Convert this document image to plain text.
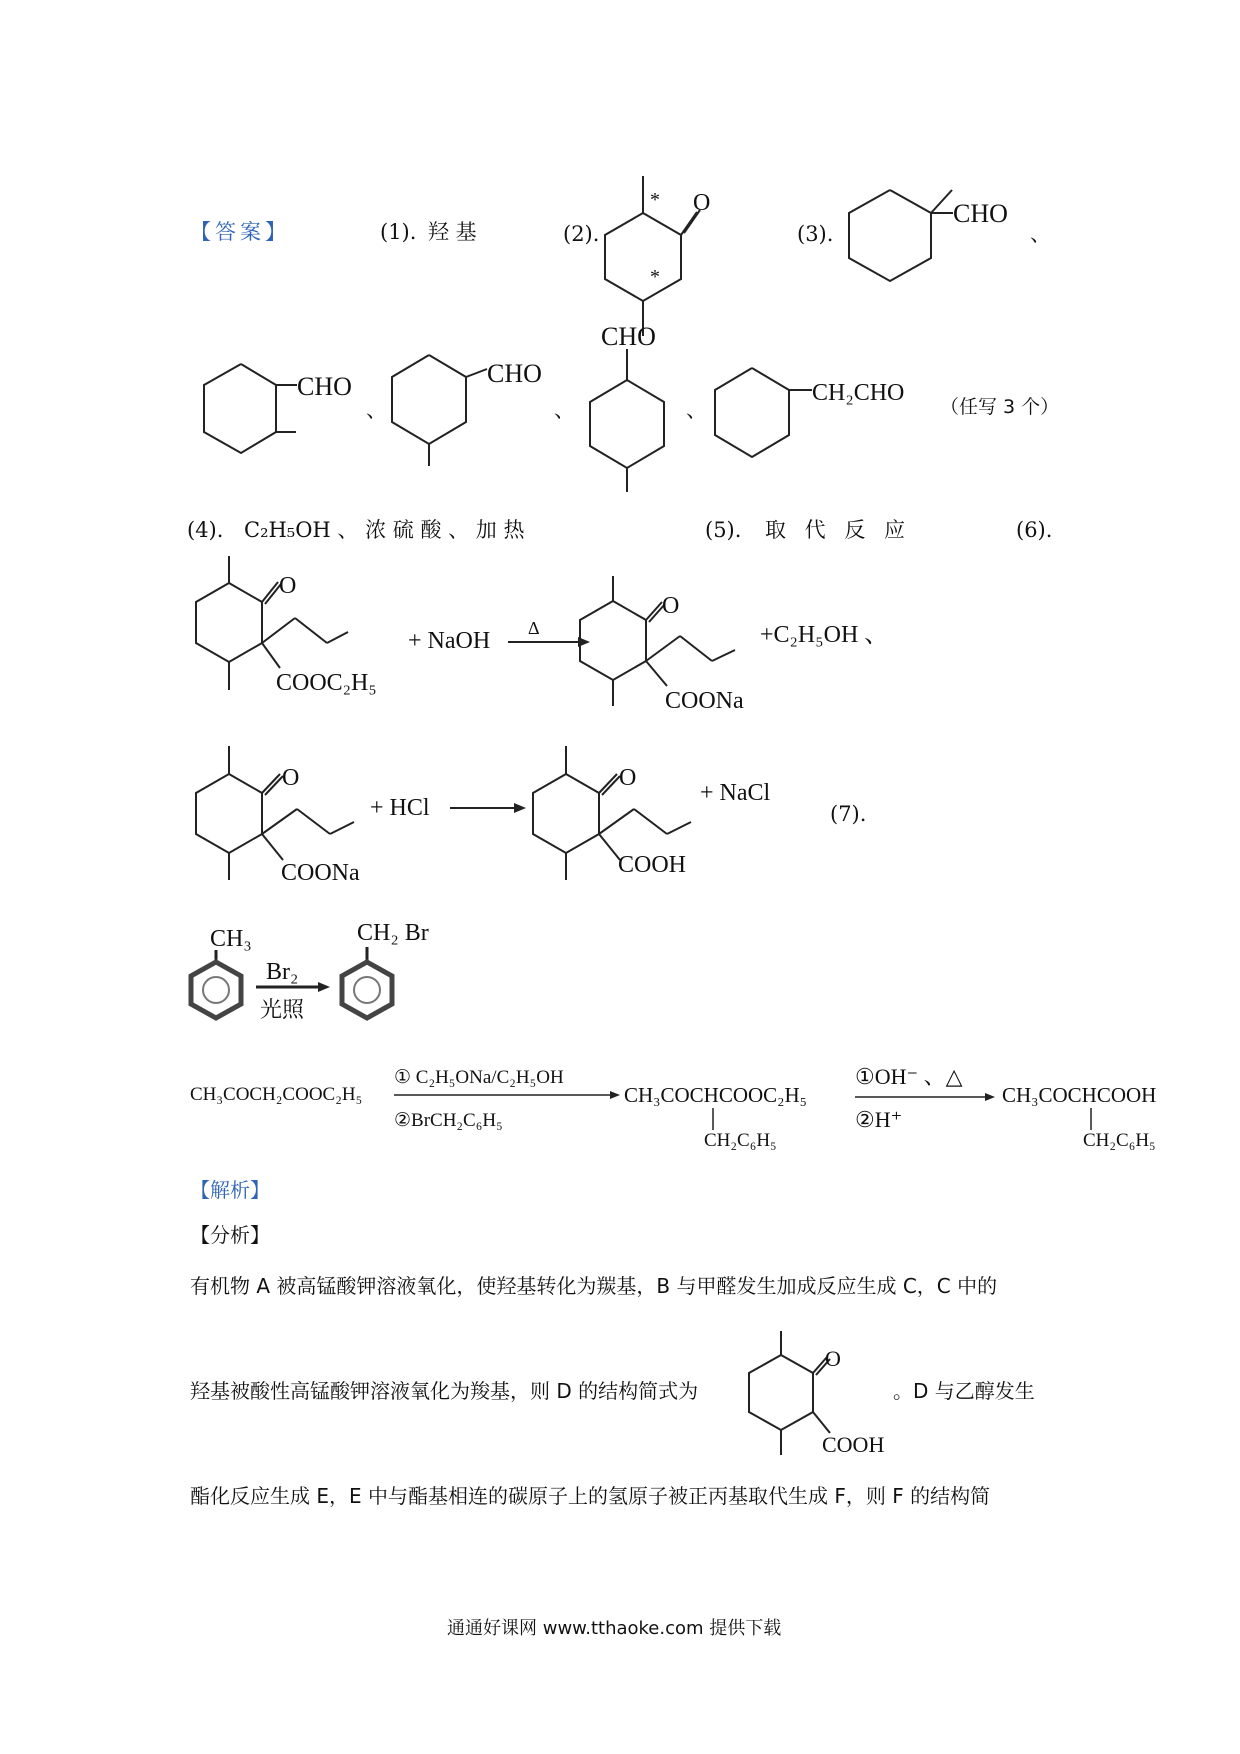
【答案】	(1). 羟 基	(2).
O
*
*
(3).
CHO
、
CHO
、
CHO
、
CHO
、
CH₂CHO
（任写 3 个）
(4). C₂H₅OH 、 浓 硫 酸 、 加 热	(5). 取 代 反 应	(6).
O
COOC₂H₅
+ NaOH Δ
O
COONa
+C₂H₅OH 、
O
COONa
+ HCl
O
COOH
+ NaCl
(7).
CH₃
Br₂
光照
CH₂ Br
CH₃COCH₂COOC₂H₅
① C₂H₅ONa/C₂H₅OH
②BrCH₂C₆H₅
CH₃COCHCOOC₂H₅
CH₂C₆H₅
①OH⁻ 、△
②H⁺
CH₃COCHCOOH
CH₂C₆H₅
【解析】
【分析】
有机物 A 被高锰酸钾溶液氧化，使羟基转化为羰基，B 与甲醛发生加成反应生成 C，C 中的
羟基被酸性高锰酸钾溶液氧化为羧基，则 D 的结构简式为
O
COOH
。D 与乙醇发生
酯化反应生成 E，E 中与酯基相连的碳原子上的氢原子被正丙基取代生成 F，则 F 的结构简
通通好课网 www.tthaoke.com 提供下载
